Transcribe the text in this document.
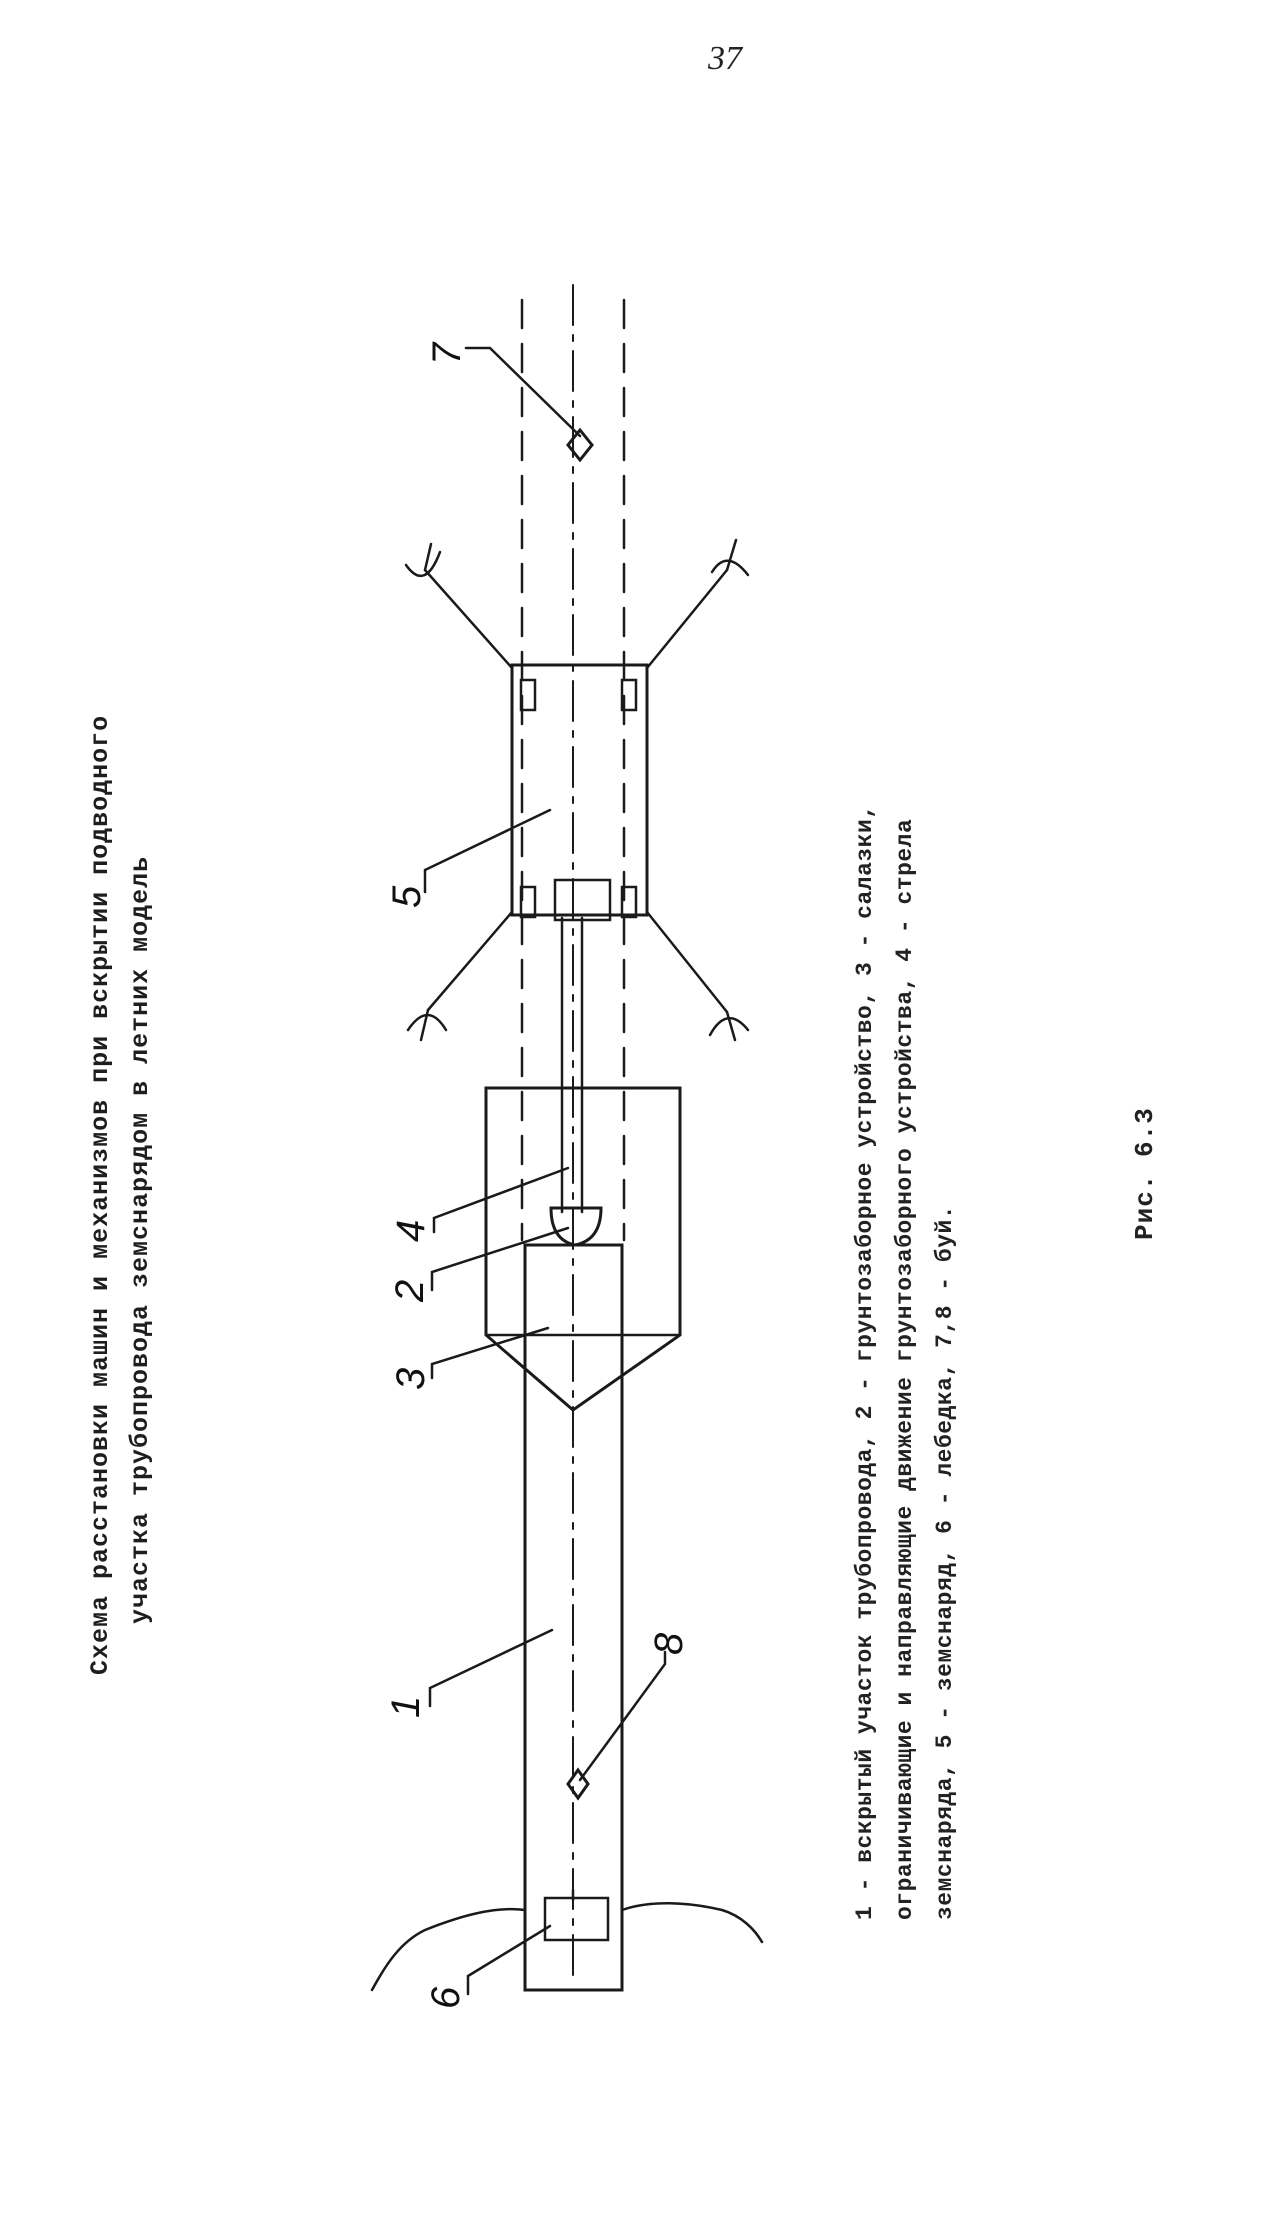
37
Схема расстановки машин и механизмов при вскрытии подводного участка трубопровода земснарядом в летних модель
7
5
4
2
3
1
8
6
1 - вскрытый участок трубопровода, 2 - грунтозаборное устройство, 3 - салазки, ограничивающие и направляющие движение грунтозаборного устройства, 4 - стрела земснаряда, 5 - земснаряд, 6 - лебедка, 7,8 - буй.
Рис. 6.3
